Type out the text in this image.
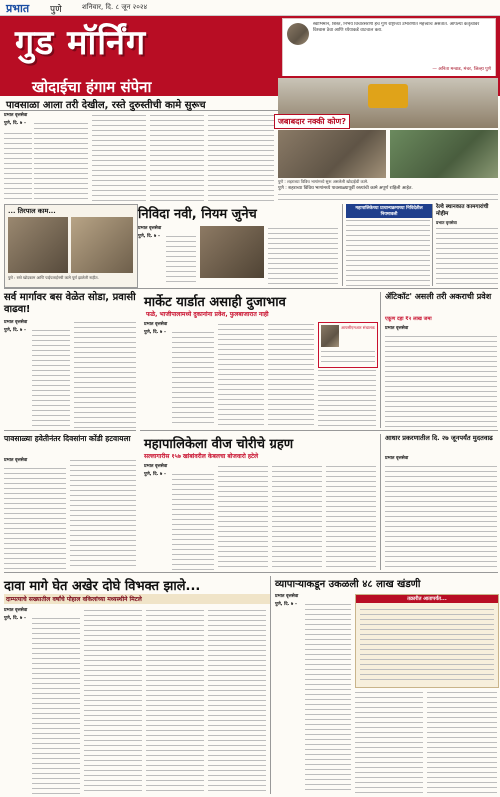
प्रभात पुणे	शनिवार, दि. ८ जून २०२४
गुड मॉर्निंग	स्वाभिमान, शिस्त, निर्भय विचारसरणी हेच गुण राष्ट्राच्या उभारणीत महत्त्वाचे असतात. आपल्या कर्तृत्वावर विश्वास ठेवा आणि ध्येयाकडे वाटचाल करा.
— अनिता मन्वाड, मंचर, जिल्हा पुणे
खोदाईचा हंगाम संपेना
पावसाळा आला तरी देखील, रस्ते दुरुस्तीची कामे सुरूच
जबाबदार नक्की कोण?
प्रभात वृत्तसेवा
पुणे, दि. ७ –
पुणे : शहराच्या विविध भागांमध्ये सुरू असलेली खोदाईची कामे.
पुणे : शहराच्या विविध भागांमध्ये पावसाळ्यापूर्वी रस्त्यांची कामे अपूर्ण राहिली आहेत.
... तिरपाल काम...
पुणे : रस्ते खोदकाम आणि पाईपलाईनची कामे पूर्ण झालेली नाहीत.
निविदा नवी, नियम जुनेच
प्रभात वृत्तसेवा
पुणे, दि. ७ –
महापालिकेच्या प्राधान्यक्रमाच्या निविदेतील नियमावली
रेल्वे स्थानकात कामगारांची मोहीम
प्रभात वृत्तसेवा
सर्व मार्गावर बस वेळेत सोडा, प्रवासी वाढवा!
प्रभात वृत्तसेवा
पुणे, दि. ७ –
मार्केट यार्डात असाही दुजाभाव
फळे, भाजीपालामध्ये दुकानांना प्रवेश, फुलबाजारात नाही
प्रभात वृत्तसेवा
पुणे, दि. ७ –
आयसीएमआर संचालक
ॲटिकॉट' असली तरी अकराची प्रवेश
एकूण दहा ₹२ लाख जमा
प्रभात वृत्तसेवा
पावसाळ्या हवेतीनंतर दिवसांना कोंडी हटवायला
प्रभात वृत्तसेवा
महापालिकेला वीज चोरीचे ग्रहण
सल्लागारीस १५७ खांबांवरील केबलचा बोजवारो हटेले
प्रभात वृत्तसेवा
पुणे, दि. ७ –
आधार प्रकरणातील दि. २७ जूनपर्यंत मुदतवाढ
प्रभात वृत्तसेवा
दावा मागे घेत अखेर दोघे विभक्त झाले...
दाम्पत्याचे सख्यातील वर्षांचे पोहाल वकिलांच्या मध्यस्थीने मिटले
प्रभात वृत्तसेवा
पुणे, दि. ७ –
व्यापाऱ्याकडून उकळली ४८ लाख खंडणी
प्रभात वृत्तसेवा
पुणे, दि. ७ –
तक्रारीत आतापर्यंत...
